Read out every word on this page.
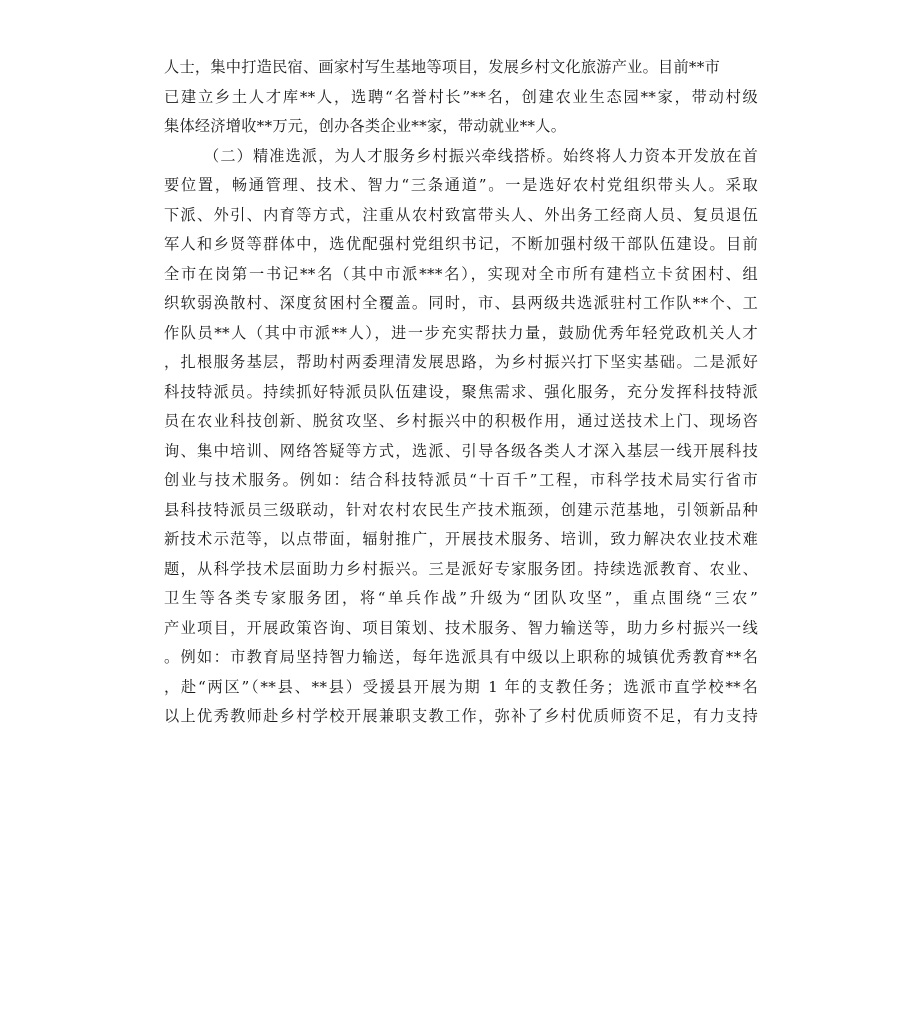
人士，集中打造民宿、画家村写生基地等项目，发展乡村文化旅游产业。目前**市
已建立乡土人才库**人，选聘“名誉村长”**名，创建农业生态园**家，带动村级
集体经济增收**万元，创办各类企业**家，带动就业**人。
（二）精准选派，为人才服务乡村振兴牵线搭桥。始终将人力资本开发放在首
要位置，畅通管理、技术、智力“三条通道”。一是选好农村党组织带头人。采取
下派、外引、内育等方式，注重从农村致富带头人、外出务工经商人员、复员退伍
军人和乡贤等群体中，选优配强村党组织书记，不断加强村级干部队伍建设。目前
全市在岗第一书记**名（其中市派***名），实现对全市所有建档立卡贫困村、组
织软弱涣散村、深度贫困村全覆盖。同时，市、县两级共选派驻村工作队**个、工
作队员**人（其中市派**人），进一步充实帮扶力量，鼓励优秀年轻党政机关人才
，扎根服务基层，帮助村两委理清发展思路，为乡村振兴打下坚实基础。二是派好
科技特派员。持续抓好特派员队伍建设，聚焦需求、强化服务，充分发挥科技特派
员在农业科技创新、脱贫攻坚、乡村振兴中的积极作用，通过送技术上门、现场咨
询、集中培训、网络答疑等方式，选派、引导各级各类人才深入基层一线开展科技
创业与技术服务。例如：结合科技特派员“十百千”工程，市科学技术局实行省市
县科技特派员三级联动，针对农村农民生产技术瓶颈，创建示范基地，引领新品种
新技术示范等，以点带面，辐射推广，开展技术服务、培训，致力解决农业技术难
题，从科学技术层面助力乡村振兴。三是派好专家服务团。持续选派教育、农业、
卫生等各类专家服务团，将“单兵作战”升级为“团队攻坚”，重点围绕“三农”
产业项目，开展政策咨询、项目策划、技术服务、智力输送等，助力乡村振兴一线
。例如：市教育局坚持智力输送，每年选派具有中级以上职称的城镇优秀教育**名
，赴“两区”（**县、**县）受援县开展为期 1 年的支教任务；选派市直学校**名
以上优秀教师赴乡村学校开展兼职支教工作，弥补了乡村优质师资不足，有力支持
